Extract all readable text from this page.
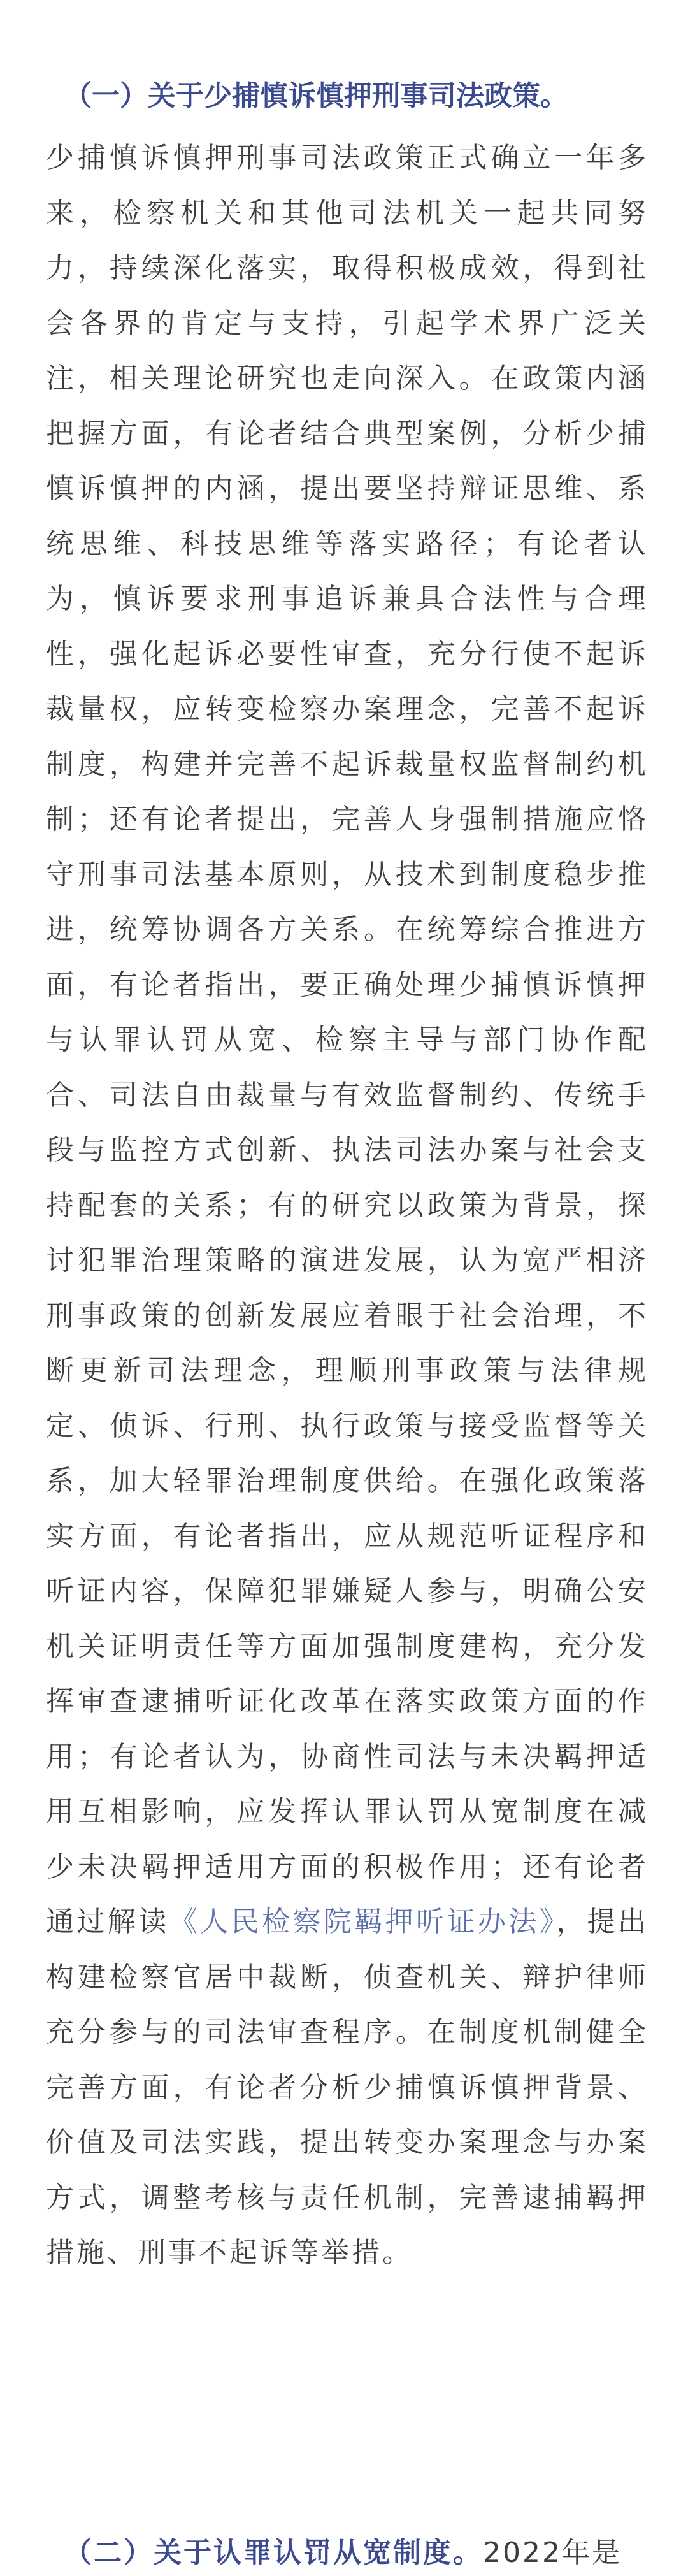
（一）关于少捕慎诉慎押刑事司法政策。

少捕慎诉慎押刑事司法政策正式确立一年多来，检察机关和其他司法机关一起共同努力，持续深化落实，取得积极成效，得到社会各界的肯定与支持，引起学术界广泛关注，相关理论研究也走向深入。在政策内涵把握方面，有论者结合典型案例，分析少捕慎诉慎押的内涵，提出要坚持辩证思维、系统思维、科技思维等落实路径；有论者认为，慎诉要求刑事追诉兼具合法性与合理性，强化起诉必要性审查，充分行使不起诉裁量权，应转变检察办案理念，完善不起诉制度，构建并完善不起诉裁量权监督制约机制；还有论者提出，完善人身强制措施应恪守刑事司法基本原则，从技术到制度稳步推进，统筹协调各方关系。在统筹综合推进方面，有论者指出，要正确处理少捕慎诉慎押与认罪认罚从宽、检察主导与部门协作配合、司法自由裁量与有效监督制约、传统手段与监控方式创新、执法司法办案与社会支持配套的关系；有的研究以政策为背景，探讨犯罪治理策略的演进发展，认为宽严相济刑事政策的创新发展应着眼于社会治理，不断更新司法理念，理顺刑事政策与法律规定、侦诉、行刑、执行政策与接受监督等关系，加大轻罪治理制度供给。在强化政策落实方面，有论者指出，应从规范听证程序和听证内容，保障犯罪嫌疑人参与，明确公安机关证明责任等方面加强制度建构，充分发挥审查逮捕听证化改革在落实政策方面的作用；有论者认为，协商性司法与未决羁押适用互相影响，应发挥认罪认罚从宽制度在减少未决羁押适用方面的积极作用；还有论者通过解读《人民检察院羁押听证办法》，提出构建检察官居中裁断，侦查机关、辩护律师充分参与的司法审查程序。在制度机制健全完善方面，有论者分析少捕慎诉慎押背景、价值及司法实践，提出转变办案理念与办案方式，调整考核与责任机制，完善逮捕羁押措施、刑事不起诉等举措。

（二）关于认罪认罚从宽制度。2022年是
